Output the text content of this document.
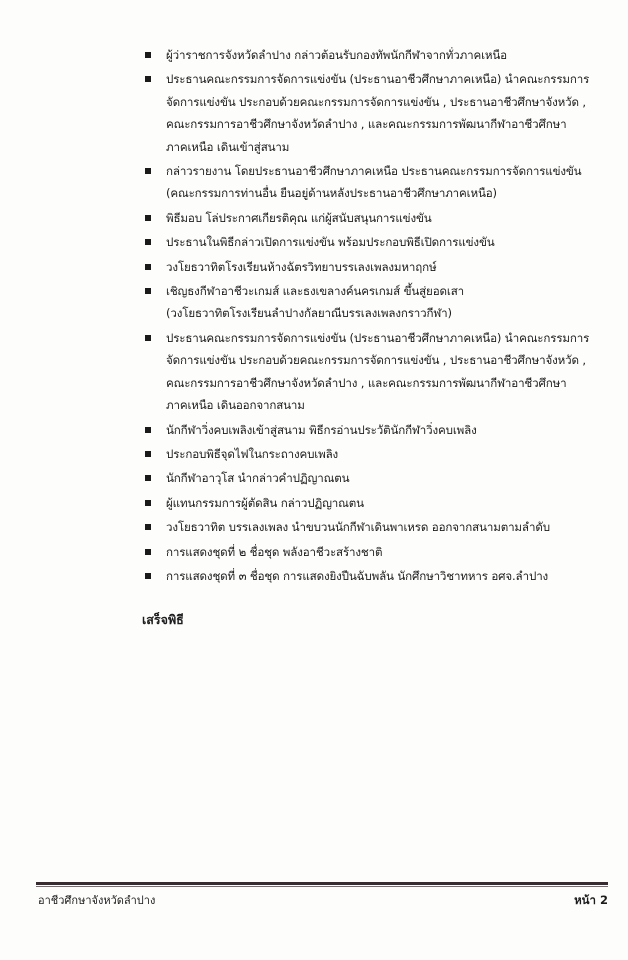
ผู้ว่าราชการจังหวัดลำปาง กล่าวต้อนรับกองทัพนักกีฬาจากทั่วภาคเหนือ
ประธานคณะกรรมการจัดการแข่งขัน (ประธานอาชีวศึกษาภาคเหนือ) นำคณะกรรมการ
จัดการแข่งขัน ประกอบด้วยคณะกรรมการจัดการแข่งขัน , ประธานอาชีวศึกษาจังหวัด ,
คณะกรรมการอาชีวศึกษาจังหวัดลำปาง , และคณะกรรมการพัฒนากีฬาอาชีวศึกษา
ภาคเหนือ เดินเข้าสู่สนาม
กล่าวรายงาน โดยประธานอาชีวศึกษาภาคเหนือ ประธานคณะกรรมการจัดการแข่งขัน
(คณะกรรมการท่านอื่น ยืนอยู่ด้านหลังประธานอาชีวศึกษาภาคเหนือ)
พิธีมอบ โล่ประกาศเกียรติคุณ แก่ผู้สนับสนุนการแข่งขัน
ประธานในพิธีกล่าวเปิดการแข่งขัน พร้อมประกอบพิธีเปิดการแข่งขัน
วงโยธวาทิตโรงเรียนห้างฉัตรวิทยาบรรเลงเพลงมหาฤกษ์
เชิญธงกีฬาอาชีวะเกมส์ และธงเขลางค์นครเกมส์ ขึ้นสู่ยอดเสา
(วงโยธวาทิตโรงเรียนลำปางกัลยาณีบรรเลงเพลงกราวกีฬา)
ประธานคณะกรรมการจัดการแข่งขัน (ประธานอาชีวศึกษาภาคเหนือ) นำคณะกรรมการ
จัดการแข่งขัน ประกอบด้วยคณะกรรมการจัดการแข่งขัน , ประธานอาชีวศึกษาจังหวัด ,
คณะกรรมการอาชีวศึกษาจังหวัดลำปาง , และคณะกรรมการพัฒนากีฬาอาชีวศึกษา
ภาคเหนือ เดินออกจากสนาม
นักกีฬาวิ่งคบเพลิงเข้าสู่สนาม พิธีกรอ่านประวัตินักกีฬาวิ่งคบเพลิง
ประกอบพิธีจุดไฟในกระถางคบเพลิง
นักกีฬาอาวุโส นำกล่าวคำปฏิญาณตน
ผู้แทนกรรมการผู้ตัดสิน กล่าวปฏิญาณตน
วงโยธวาทิต บรรเลงเพลง นำขบวนนักกีฬาเดินพาเหรด ออกจากสนามตามลำดับ
การแสดงชุดที่ ๒ ชื่อชุด พลังอาชีวะสร้างชาติ
การแสดงชุดที่ ๓ ชื่อชุด การแสดงยิงปืนฉับพลัน นักศึกษาวิชาทหาร อศจ.ลำปาง
เสร็จพิธี
อาชีวศึกษาจังหวัดลำปาง	หน้า 2
